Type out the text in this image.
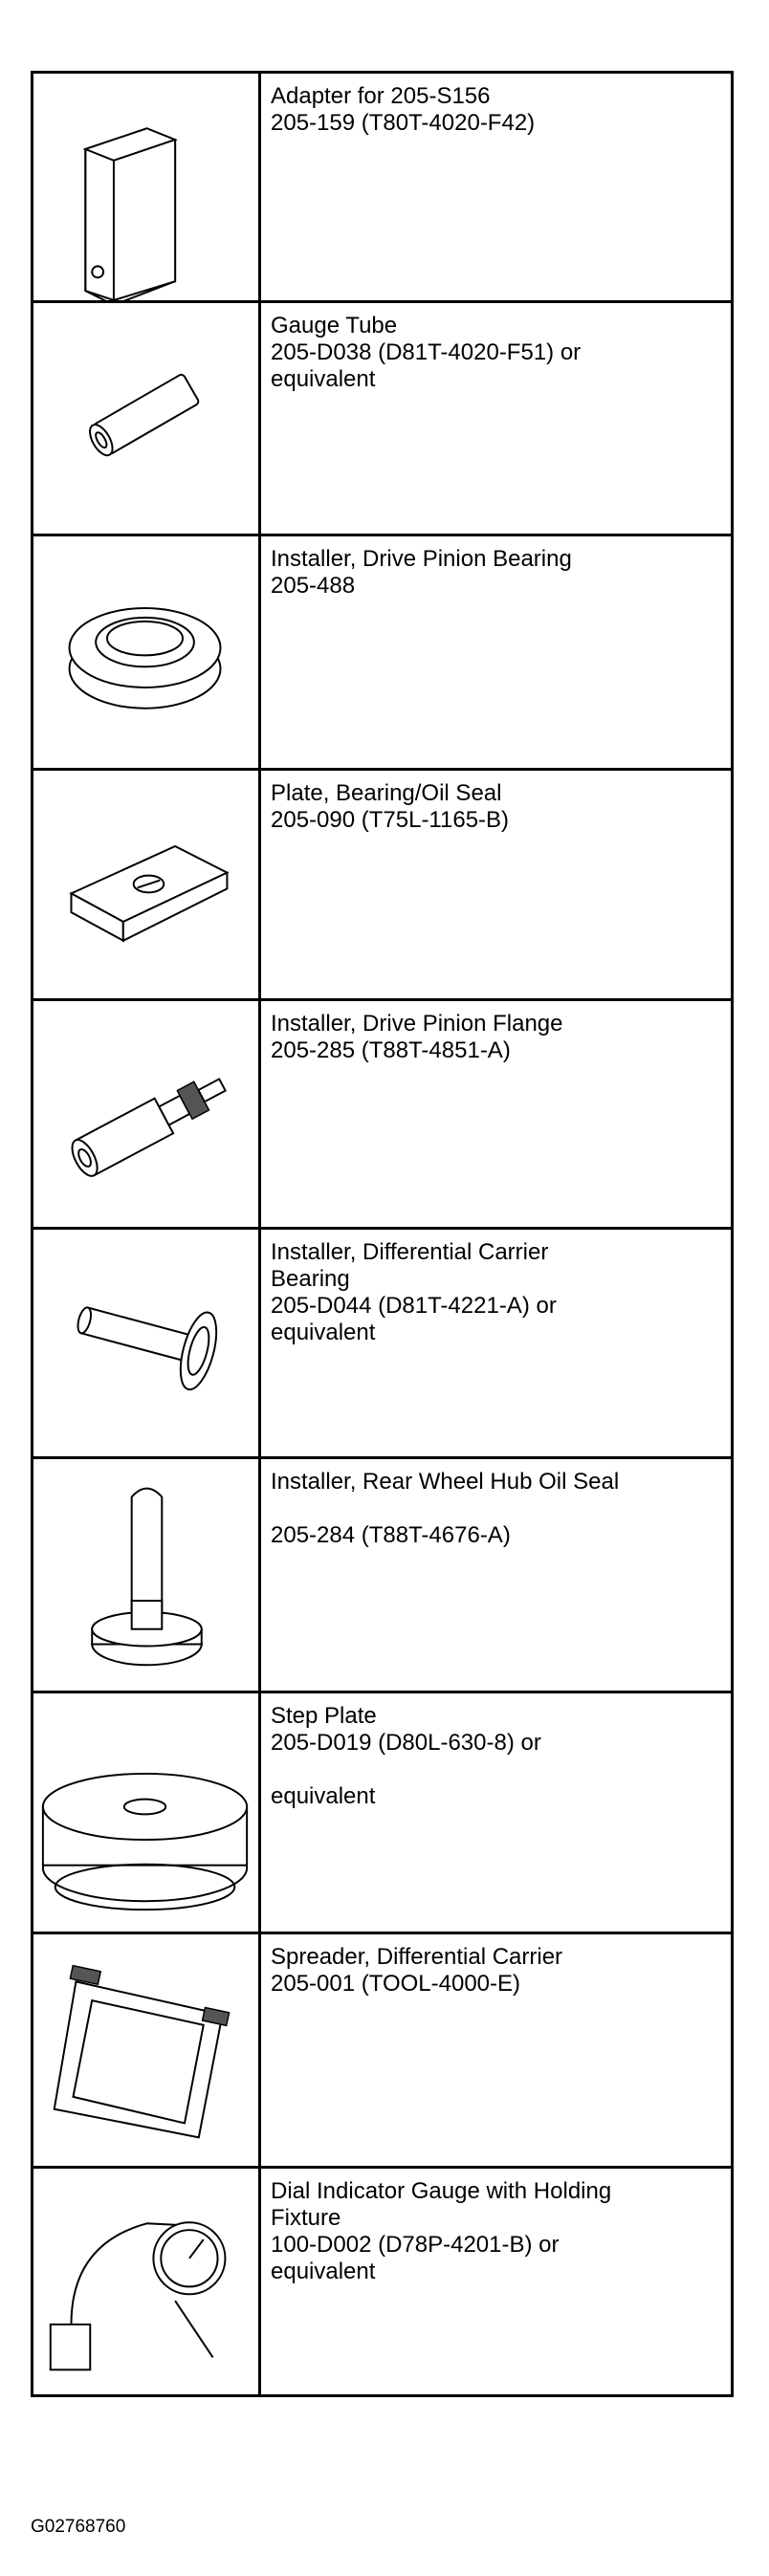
Adapter for 205-S156
205-159 (T80T-4020-F42)

Gauge Tube
205-D038 (D81T-4020-F51) or
equivalent

Installer, Drive Pinion Bearing
205-488

Plate, Bearing/Oil Seal
205-090 (T75L-1165-B)

Installer, Drive Pinion Flange
205-285 (T88T-4851-A)

Installer, Differential Carrier
Bearing
205-D044 (D81T-4221-A) or
equivalent

Installer, Rear Wheel Hub Oil Seal

205-284 (T88T-4676-A)

Step Plate
205-D019 (D80L-630-8) or

equivalent

Spreader, Differential Carrier
205-001 (TOOL-4000-E)

Dial Indicator Gauge with Holding
Fixture
100-D002 (D78P-4201-B) or
equivalent
G02768760
